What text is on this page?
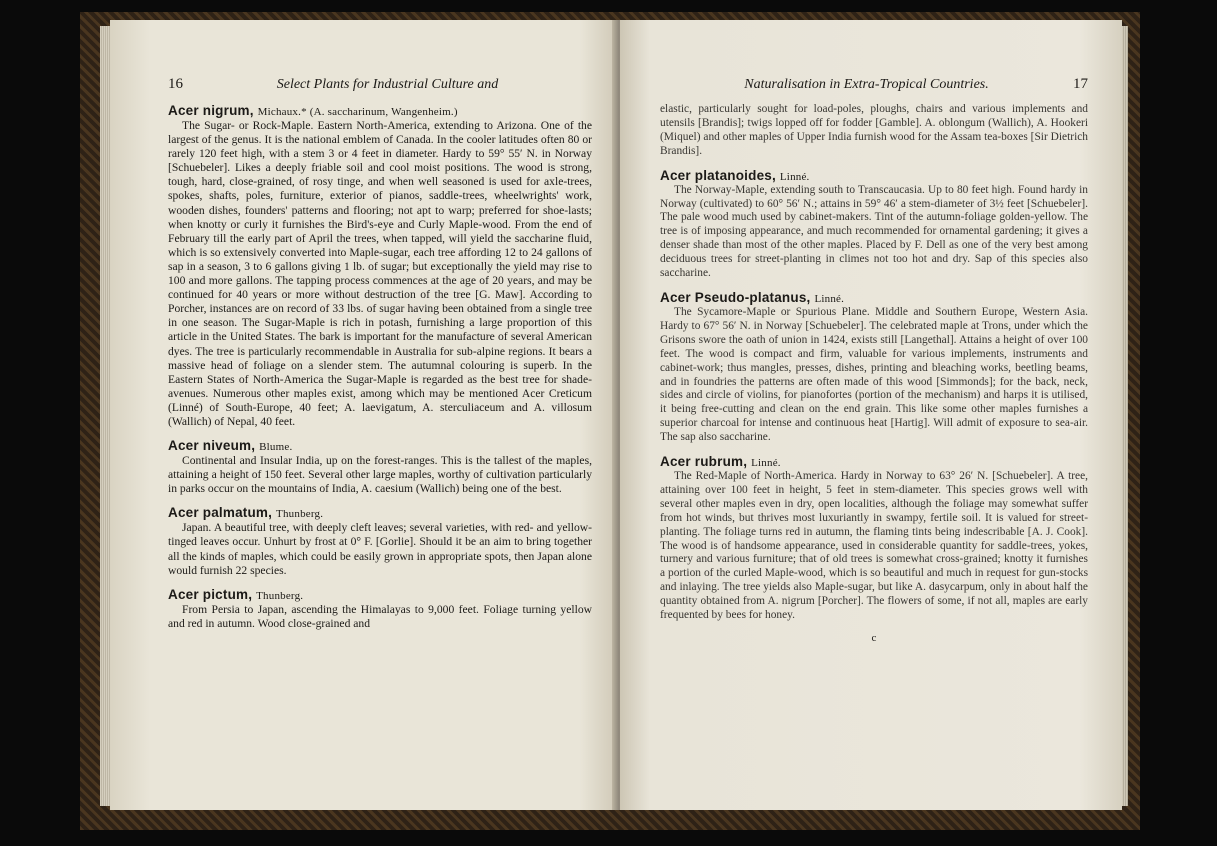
16	Select Plants for Industrial Culture and
Acer nigrum, Michaux.* (A. saccharinum, Wangenheim.)

The Sugar- or Rock-Maple. Eastern North-America, extending to Arizona. One of the largest of the genus. It is the national emblem of Canada. In the cooler latitudes often 80 or rarely 120 feet high, with a stem 3 or 4 feet in diameter. Hardy to 59° 55′ N. in Norway [Schuebeler]. Likes a deeply friable soil and cool moist positions. The wood is strong, tough, hard, close-grained, of rosy tinge, and when well seasoned is used for axle-trees, spokes, shafts, poles, furniture, exterior of pianos, saddle-trees, wheelwrights' work, wooden dishes, founders' patterns and flooring; not apt to warp; preferred for shoe-lasts; when knotty or curly it furnishes the Bird's-eye and Curly Maple-wood. From the end of February till the early part of April the trees, when tapped, will yield the saccharine fluid, which is so extensively converted into Maple-sugar, each tree affording 12 to 24 gallons of sap in a season, 3 to 6 gallons giving 1 lb. of sugar; but exceptionally the yield may rise to 100 and more gallons. The tapping process commences at the age of 20 years, and may be continued for 40 years or more without destruction of the tree [G. Maw]. According to Porcher, instances are on record of 33 lbs. of sugar having been obtained from a single tree in one season. The Sugar-Maple is rich in potash, furnishing a large proportion of this article in the United States. The bark is important for the manufacture of several American dyes. The tree is particularly recommendable in Australia for sub-alpine regions. It bears a massive head of foliage on a slender stem. The autumnal colouring is superb. In the Eastern States of North-America the Sugar-Maple is regarded as the best tree for shade-avenues. Numerous other maples exist, among which may be mentioned Acer Creticum (Linné) of South-Europe, 40 feet; A. laevigatum, A. sterculiaceum and A. villosum (Wallich) of Nepal, 40 feet.

Acer niveum, Blume.

Continental and Insular India, up on the forest-ranges. This is the tallest of the maples, attaining a height of 150 feet. Several other large maples, worthy of cultivation particularly in parks occur on the mountains of India, A. caesium (Wallich) being one of the best.

Acer palmatum, Thunberg.

Japan. A beautiful tree, with deeply cleft leaves; several varieties, with red- and yellow-tinged leaves occur. Unhurt by frost at 0° F. [Gorlie]. Should it be an aim to bring together all the kinds of maples, which could be easily grown in appropriate spots, then Japan alone would furnish 22 species.

Acer pictum, Thunberg.

From Persia to Japan, ascending the Himalayas to 9,000 feet. Foliage turning yellow and red in autumn. Wood close-grained and

Naturalisation in Extra-Tropical Countries.	17

elastic, particularly sought for load-poles, ploughs, chairs and various implements and utensils [Brandis]; twigs lopped off for fodder [Gamble]. A. oblongum (Wallich), A. Hookeri (Miquel) and other maples of Upper India furnish wood for the Assam tea-boxes [Sir Dietrich Brandis].

Acer platanoides, Linné.

The Norway-Maple, extending south to Transcaucasia. Up to 80 feet high. Found hardy in Norway (cultivated) to 60° 56′ N.; attains in 59° 46′ a stem-diameter of 3½ feet [Schuebeler]. The pale wood much used by cabinet-makers. Tint of the autumn-foliage golden-yellow. The tree is of imposing appearance, and much recommended for ornamental gardening; it gives a denser shade than most of the other maples. Placed by F. Dell as one of the very best among deciduous trees for street-planting in climes not too hot and dry. Sap of this species also saccharine.

Acer Pseudo-platanus, Linné.

The Sycamore-Maple or Spurious Plane. Middle and Southern Europe, Western Asia. Hardy to 67° 56′ N. in Norway [Schuebeler]. The celebrated maple at Trons, under which the Grisons swore the oath of union in 1424, exists still [Langethal]. Attains a height of over 100 feet. The wood is compact and firm, valuable for various implements, instruments and cabinet-work; thus mangles, presses, dishes, printing and bleaching works, beetling beams, and in foundries the patterns are often made of this wood [Simmonds]; for the back, neck, sides and circle of violins, for pianofortes (portion of the mechanism) and harps it is utilised, it being free-cutting and clean on the end grain. This like some other maples furnishes a superior charcoal for intense and continuous heat [Hartig]. Will admit of exposure to sea-air. The sap also saccharine.

Acer rubrum, Linné.

The Red-Maple of North-America. Hardy in Norway to 63° 26′ N. [Schuebeler]. A tree, attaining over 100 feet in height, 5 feet in stem-diameter. This species grows well with several other maples even in dry, open localities, although the foliage may somewhat suffer from hot winds, but thrives most luxuriantly in swampy, fertile soil. It is valued for street-planting. The foliage turns red in autumn, the flaming tints being indescribable [A. J. Cook]. The wood is of handsome appearance, used in considerable quantity for saddle-trees, yokes, turnery and various furniture; that of old trees is somewhat cross-grained; knotty it furnishes a portion of the curled Maple-wood, which is so beautiful and much in request for gun-stocks and inlaying. The tree yields also Maple-sugar, but like A. dasycarpum, only in about half the quantity obtained from A. nigrum [Porcher]. The flowers of some, if not all, maples are early frequented by bees for honey.

c
